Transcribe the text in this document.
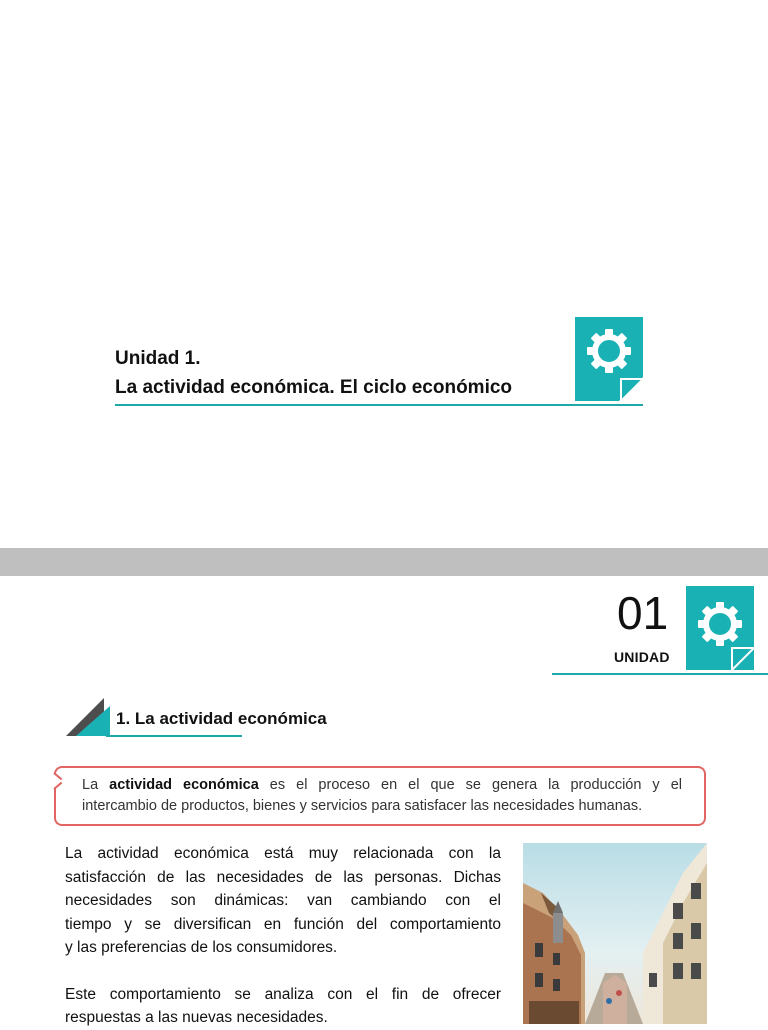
Unidad 1.
La actividad económica. El ciclo económico
01
UNIDAD
1. La actividad económica
La actividad económica es el proceso en el que se genera la producción y el
intercambio de productos, bienes y servicios para satisfacer las necesidades humanas.
La actividad económica está muy relacionada con la
satisfacción de las necesidades de las personas. Dichas
necesidades son dinámicas: van cambiando con el
tiempo y se diversifican en función del comportamiento
y las preferencias de los consumidores.
Este comportamiento se analiza con el fin de ofrecer
respuestas a las nuevas necesidades.
